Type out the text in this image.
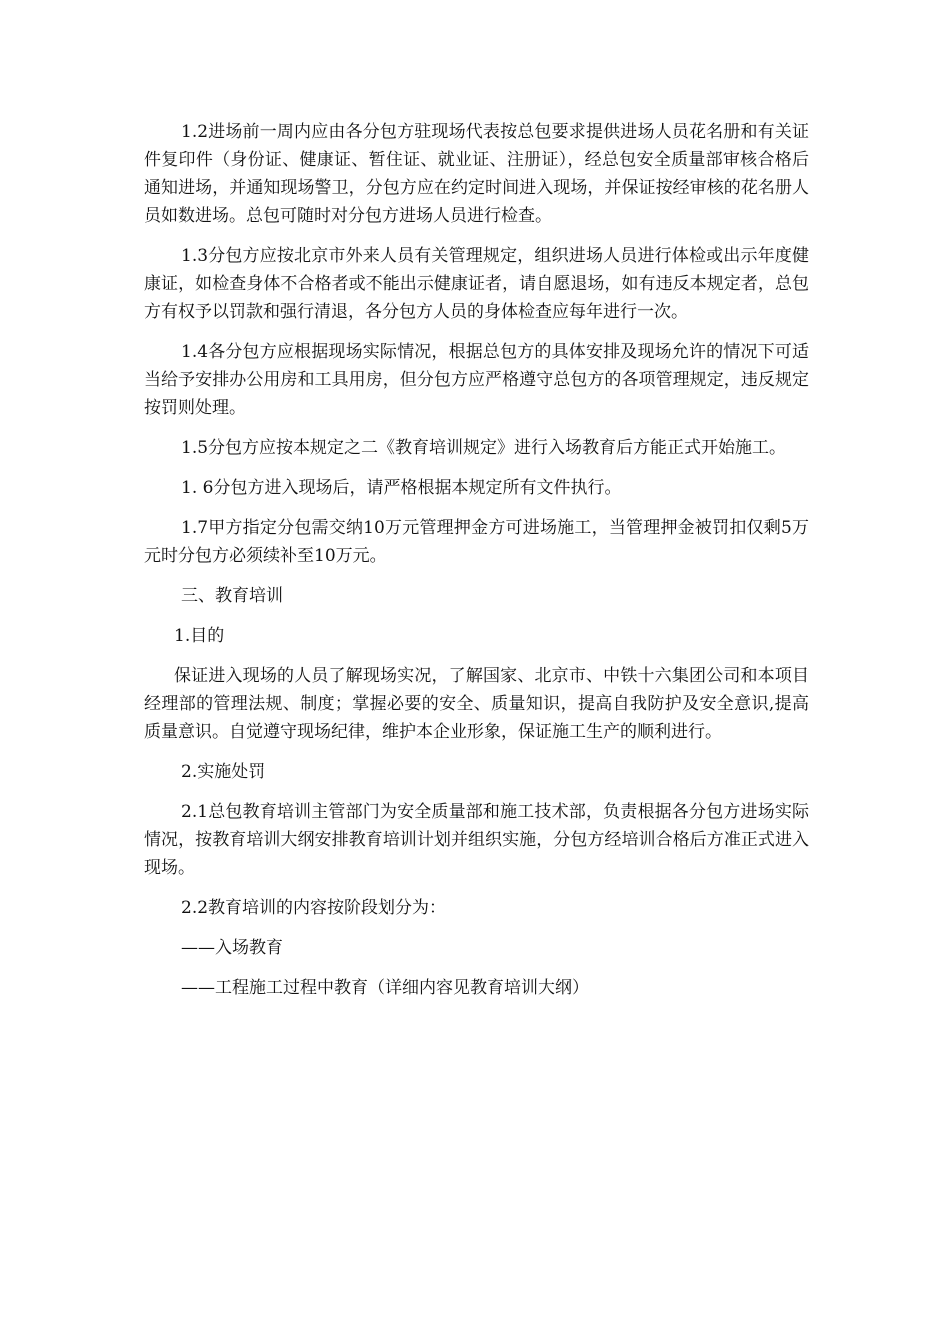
1.2进场前一周内应由各分包方驻现场代表按总包要求提供进场人员花名册和有关证件复印件（身份证、健康证、暂住证、就业证、注册证），经总包安全质量部审核合格后通知进场，并通知现场警卫，分包方应在约定时间进入现场，并保证按经审核的花名册人员如数进场。总包可随时对分包方进场人员进行检查。

1.3分包方应按北京市外来人员有关管理规定，组织进场人员进行体检或出示年度健康证，如检查身体不合格者或不能出示健康证者，请自愿退场，如有违反本规定者，总包方有权予以罚款和强行清退，各分包方人员的身体检查应每年进行一次。

1.4各分包方应根据现场实际情况，根据总包方的具体安排及现场允许的情况下可适当给予安排办公用房和工具用房，但分包方应严格遵守总包方的各项管理规定，违反规定按罚则处理。

1.5分包方应按本规定之二《教育培训规定》进行入场教育后方能正式开始施工。

1. 6分包方进入现场后，请严格根据本规定所有文件执行。

1.7甲方指定分包需交纳10万元管理押金方可进场施工，当管理押金被罚扣仅剩5万元时分包方必须续补至10万元。

三、教育培训

1.目的

保证进入现场的人员了解现场实况，了解国家、北京市、中铁十六集团公司和本项目经理部的管理法规、制度；掌握必要的安全、质量知识，提高自我防护及安全意识,提高质量意识。自觉遵守现场纪律，维护本企业形象，保证施工生产的顺利进行。

2.实施处罚

2.1总包教育培训主管部门为安全质量部和施工技术部，负责根据各分包方进场实际情况，按教育培训大纲安排教育培训计划并组织实施，分包方经培训合格后方准正式进入现场。

2.2教育培训的内容按阶段划分为：

——入场教育

——工程施工过程中教育（详细内容见教育培训大纲）
